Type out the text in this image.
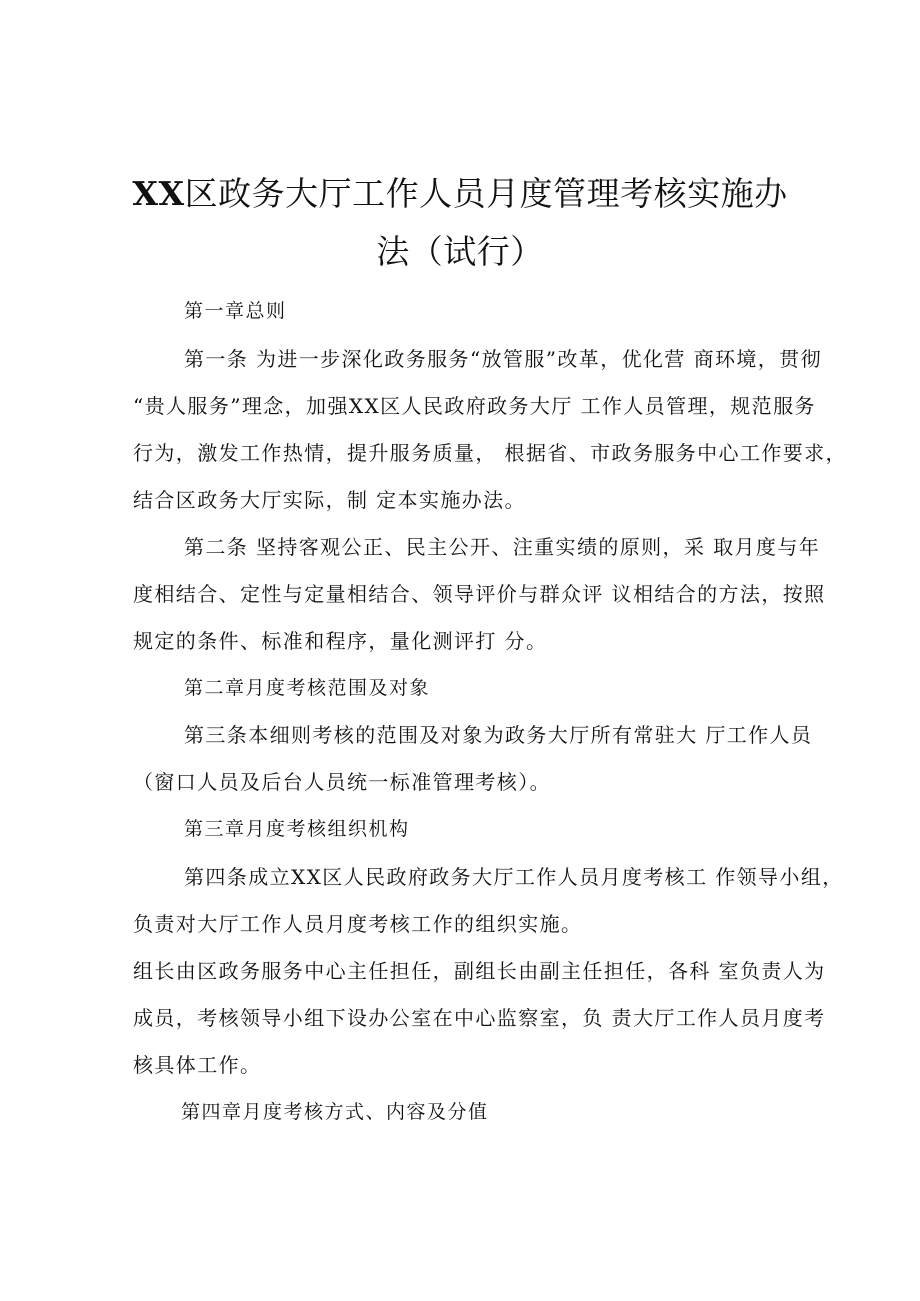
XX区政务大厅工作人员月度管理考核实施办
法（试行）

第一章总则

第一条 为进一步深化政务服务“放管服”改革，优化营 商环境，贯彻

“贵人服务”理念，加强XX区人民政府政务大厅 工作人员管理，规范服务

行为，激发工作热情，提升服务质量， 根据省、市政务服务中心工作要求，

结合区政务大厅实际，制 定本实施办法。

第二条 坚持客观公正、民主公开、注重实绩的原则，采 取月度与年

度相结合、定性与定量相结合、领导评价与群众评 议相结合的方法，按照

规定的条件、标准和程序，量化测评打 分。

第二章月度考核范围及对象

第三条本细则考核的范围及对象为政务大厅所有常驻大 厅工作人员

（窗口人员及后台人员统一标准管理考核）。

第三章月度考核组织机构

第四条成立XX区人民政府政务大厅工作人员月度考核工 作领导小组，

负责对大厅工作人员月度考核工作的组织实施。

组长由区政务服务中心主任担任，副组长由副主任担任，各科 室负责人为

成员，考核领导小组下设办公室在中心监察室，负 责大厅工作人员月度考

核具体工作。

第四章月度考核方式、内容及分值
